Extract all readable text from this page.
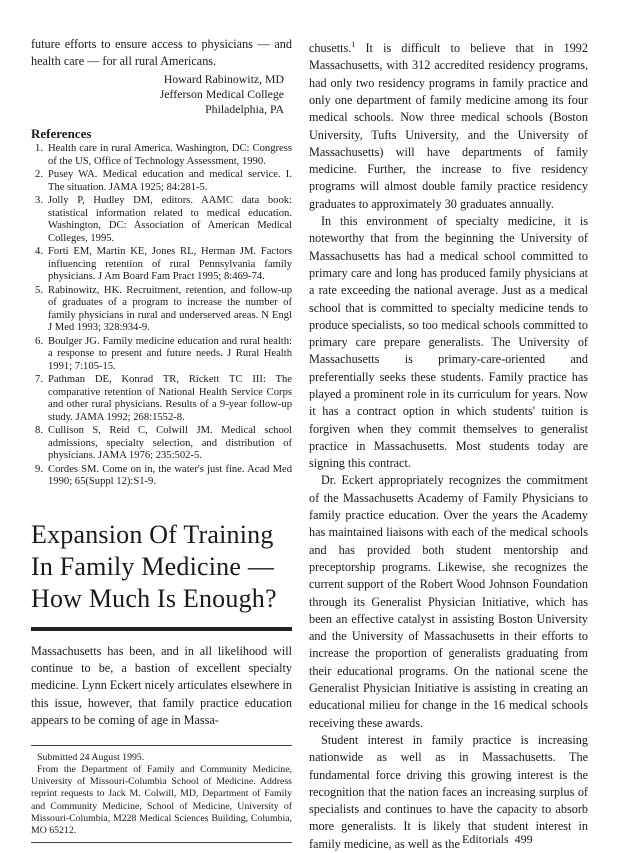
future efforts to ensure access to physicians — and health care — for all rural Americans.

Howard Rabinowitz, MD
Jefferson Medical College
Philadelphia, PA
References
1. Health care in rural America. Washington, DC: Congress of the US, Office of Technology Assessment, 1990.
2. Pusey WA. Medical education and medical service. I. The situation. JAMA 1925; 84:281-5.
3. Jolly P, Hudley DM, editors. AAMC data book: statistical information related to medical education. Washington, DC: Association of American Medical Colleges, 1995.
4. Forti EM, Martin KE, Jones RL, Herman JM. Factors influencing retention of rural Pennsylvania family physicians. J Am Board Fam Pract 1995; 8:469-74.
5. Rabinowitz, HK. Recruitment, retention, and follow-up of graduates of a program to increase the number of family physicians in rural and underserved areas. N Engl J Med 1993; 328:934-9.
6. Boulger JG. Family medicine education and rural health: a response to present and future needs. J Rural Health 1991; 7:105-15.
7. Pathman DE, Konrad TR, Rickett TC III: The comparative retention of National Health Service Corps and other rural physicians. Results of a 9-year follow-up study. JAMA 1992; 268:1552-8.
8. Cullison S, Reid C, Colwill JM. Medical school admissions, specialty selection, and distribution of physicians. JAMA 1976; 235:502-5.
9. Cordes SM. Come on in, the water's just fine. Acad Med 1990; 65(Suppl 12):S1-9.
Expansion Of Training In Family Medicine — How Much Is Enough?

Massachusetts has been, and in all likelihood will continue to be, a bastion of excellent specialty medicine. Lynn Eckert nicely articulates elsewhere in this issue, however, that family practice education appears to be coming of age in Massa-

Submitted 24 August 1995.

From the Department of Family and Community Medicine, University of Missouri-Columbia School of Medicine. Address reprint requests to Jack M. Colwill, MD, Department of Family and Community Medicine, School of Medicine, University of Missouri-Columbia, M228 Medical Sciences Building, Columbia, MO 65212.

chusetts.$^1$ It is difficult to believe that in 1992 Massachusetts, with 312 accredited residency programs, had only two residency programs in family practice and only one department of family medicine among its four medical schools. Now three medical schools (Boston University, Tufts University, and the University of Massachusetts) will have departments of family medicine. Further, the increase to five residency programs will almost double family practice residency graduates to approximately 30 graduates annually.

In this environment of specialty medicine, it is noteworthy that from the beginning the University of Massachusetts has had a medical school committed to primary care and long has produced family physicians at a rate exceeding the national average. Just as a medical school that is committed to specialty medicine tends to produce specialists, so too medical schools committed to primary care prepare generalists. The University of Massachusetts is primary-care-oriented and preferentially seeks these students. Family practice has played a prominent role in its curriculum for years. Now it has a contract option in which students' tuition is forgiven when they commit themselves to generalist practice in Massachusetts. Most students today are signing this contract.

Dr. Eckert appropriately recognizes the commitment of the Massachusetts Academy of Family Physicians to family practice education. Over the years the Academy has maintained liaisons with each of the medical schools and has provided both student mentorship and preceptorship programs. Likewise, she recognizes the current support of the Robert Wood Johnson Foundation through its Generalist Physician Initiative, which has been an effective catalyst in assisting Boston University and the University of Massachusetts in their efforts to increase the proportion of generalists graduating from their educational programs. On the national scene the Generalist Physician Initiative is assisting in creating an educational milieu for change in the 16 medical schools receiving these awards.

Student interest in family practice is increasing nationwide as well as in Massachusetts. The fundamental force driving this growing interest is the recognition that the nation faces an increasing surplus of specialists and continues to have the capacity to absorb more generalists. It is likely that student interest in family medicine, as well as the Editorials 499
